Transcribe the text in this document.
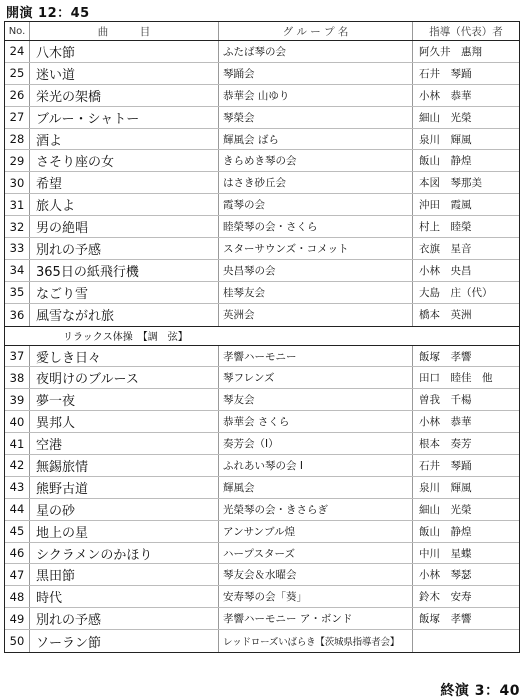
開演 12：45
No.	曲　　　目	グ ル ー プ 名	指導（代表）者
24 八木節	ふたば琴の会	阿久井　惠翔
25 迷い道	琴踊会	石井　琴踊
26 栄光の架橋	恭華会 山ゆり	小林　恭華
27 ブルー・シャトー	琴榮会	細山　光榮
28 酒よ	輝風会 ばら	泉川　輝風
29 さそり座の女	きらめき琴の会	飯山　静煌
30 希望	はさき砂丘会	本図　琴那美
31 旅人よ	霞琴の会	沖田　霞風
32 男の絶唱	睦榮琴の会・さくら	村上　睦榮
33 別れの予感	スターサウンズ・コメット	衣旗　星音
34 365日の紙飛行機	央昌琴の会	小林　央昌
35 なごり雪	桂琴友会	大島　庄（代）
36 風雪ながれ旅	英洲会	橋本　英洲
リラックス体操　【調　弦】
37 愛しき日々	孝響ハーモニー	飯塚　孝響
38 夜明けのブルース	琴フレンズ	田口　睦佳　他
39 夢一夜	琴友会	曽我　千楊
40 異邦人	恭華会 さくら	小林　恭華
41 空港	奏芳会（Ⅰ）	根本　奏芳
42 無錫旅情	ふれあい琴の会 Ⅰ	石井　琴踊
43 熊野古道	輝風会	泉川　輝風
44 星の砂	光榮琴の会・きさらぎ	細山　光榮
45 地上の星	アンサンブル煌	飯山　静煌
46 シクラメンのかほり	ハープスターズ	中川　星蝶
47 黒田節	琴友会＆水曜会	小林　琴瑟
48 時代	安寿琴の会「葵」	鈴木　安寿
49 別れの予感	孝響ハーモニー ア・ボンド	飯塚　孝響
50 ソーラン節	レッドローズいばらき【茨城県指導者会】
終演 3：40
